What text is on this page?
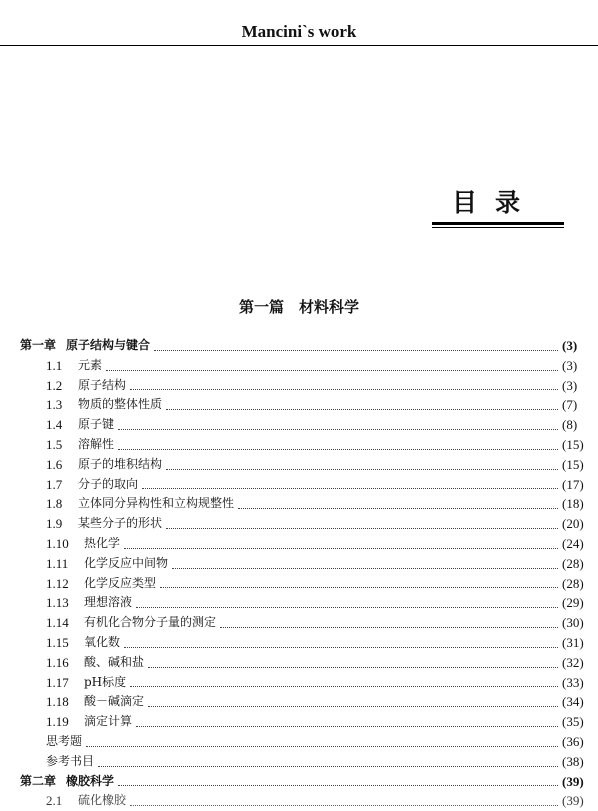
Mancini`s work
目录
第一篇　材料科学
第一章 原子结构与键合	(3)
1.1	元素	(3)
1.2	原子结构	(3)
1.3	物质的整体性质	(7)
1.4	原子键	(8)
1.5	溶解性	(15)
1.6	原子的堆积结构	(15)
1.7	分子的取向	(17)
1.8	立体同分异构性和立构规整性	(18)
1.9	某些分子的形状	(20)
1.10	热化学	(24)
1.11	化学反应中间物	(28)
1.12	化学反应类型	(28)
1.13	理想溶液	(29)
1.14	有机化合物分子量的测定	(30)
1.15	氧化数	(31)
1.16	酸、碱和盐	(32)
1.17	pH标度	(33)
1.18	酸－碱滴定	(34)
1.19	滴定计算	(35)
思考题	(36)
参考书目	(38)
第二章 橡胶科学	(39)
2.1	硫化橡胶	(39)
